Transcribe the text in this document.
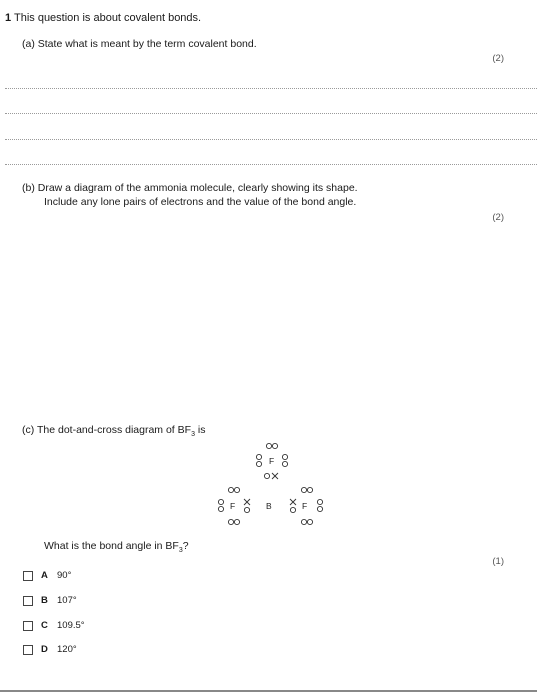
1 This question is about covalent bonds.
(a) State what is meant by the term covalent bond.
(2)
(b) Draw a diagram of the ammonia molecule, clearly showing its shape.
Include any lone pairs of electrons and the value of the bond angle.
(2)
(c) The dot-and-cross diagram of $BF_3$ is
F
F	B	F
What is the bond angle in $BF_3$?
(1)
A 90°
B 107°
C 109.5°
D 120°
